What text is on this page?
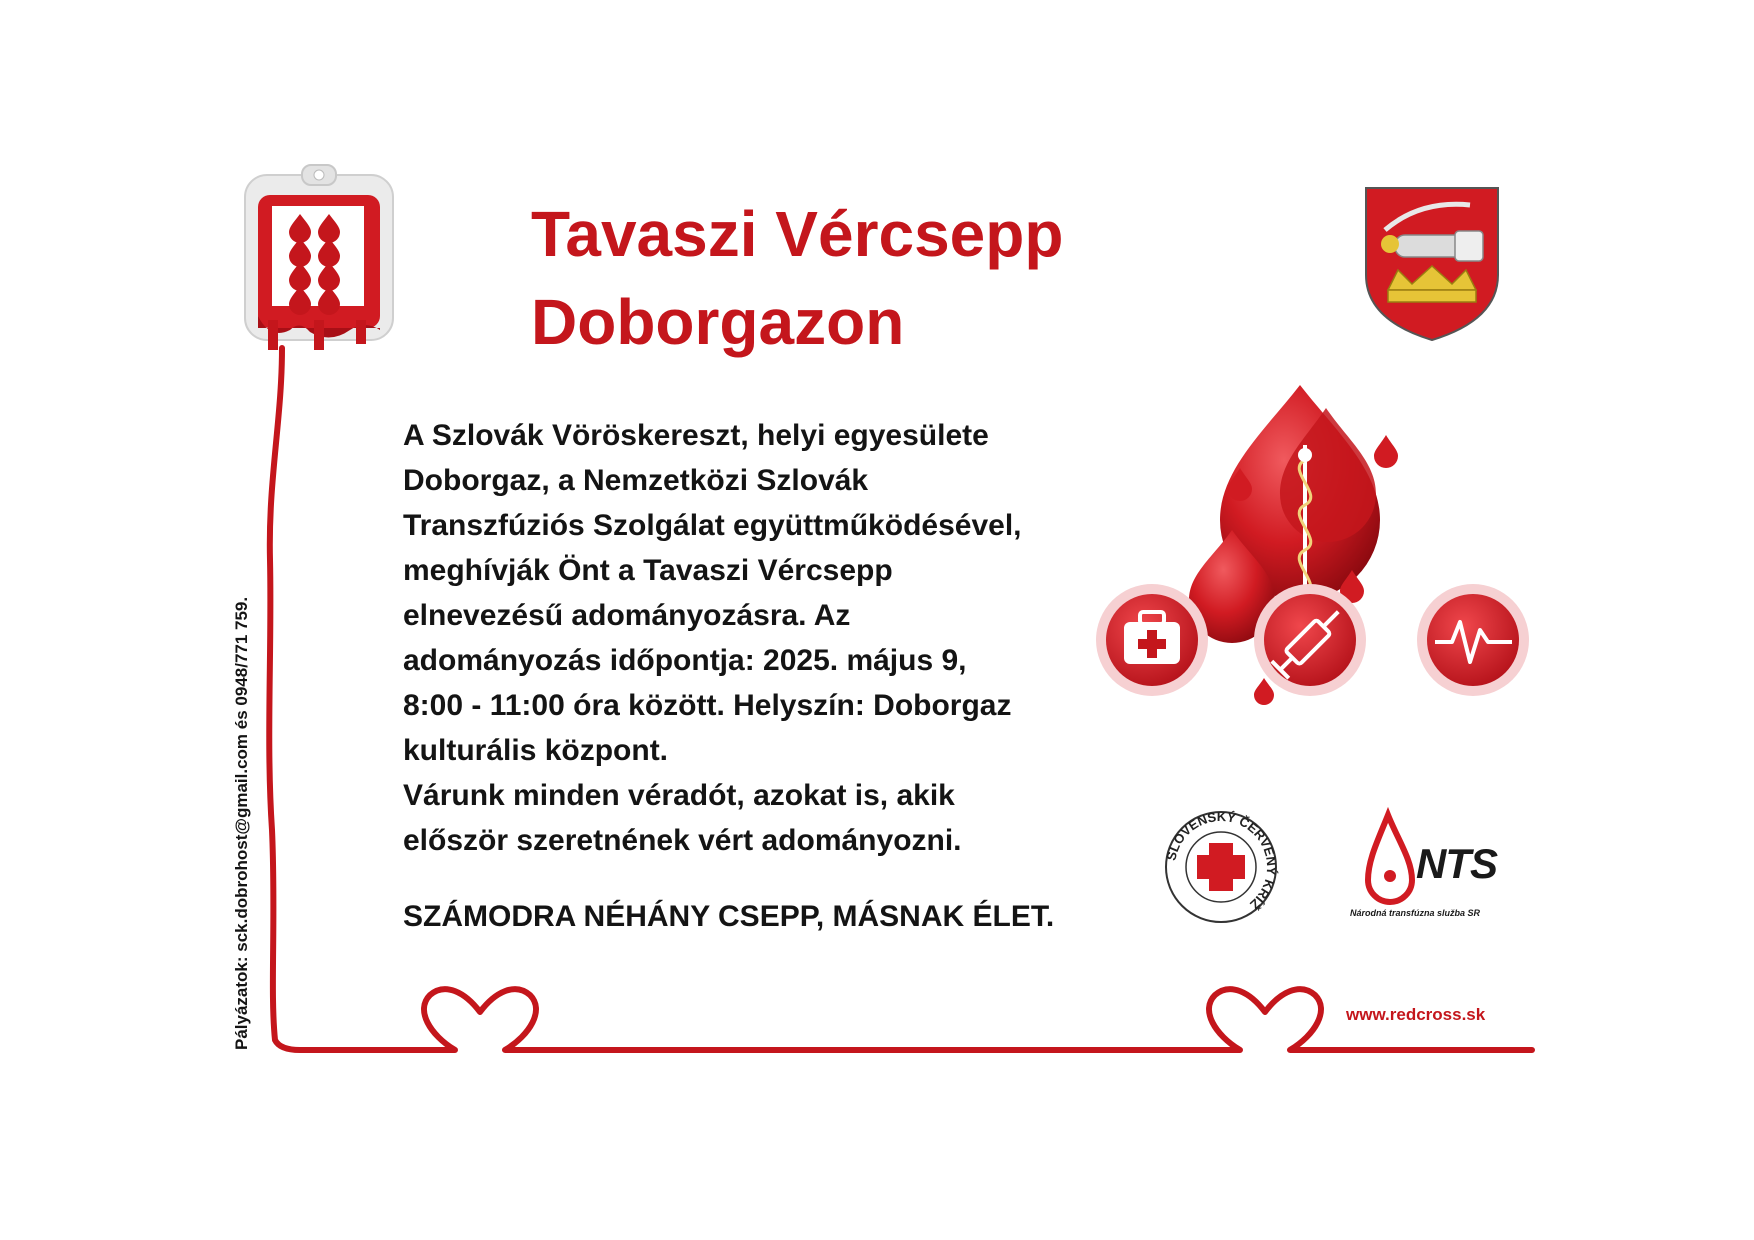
SLOVENSKÝ ČERVENÝ KRÍŽ
Tavaszi Vércsepp
Doborgazon
A Szlovák Vöröskereszt, helyi egyesülete
Doborgaz, a Nemzetközi Szlovák
Transzfúziós Szolgálat együttműködésével,
meghívják Önt a Tavaszi Vércsepp
elnevezésű adományozásra. Az
adományozás időpontja: 2025. május 9,
8:00 - 11:00 óra között. Helyszín: Doborgaz
kulturális központ.
Várunk minden véradót, azokat is, akik
először szeretnének vért adományozni.
SZÁMODRA NÉHÁNY CSEPP, MÁSNAK ÉLET.
Pályázatok: sck.dobrohost@gmail.com és 0948/771 759.	NTS
Národná transfúzna služba SR
www.redcross.sk
